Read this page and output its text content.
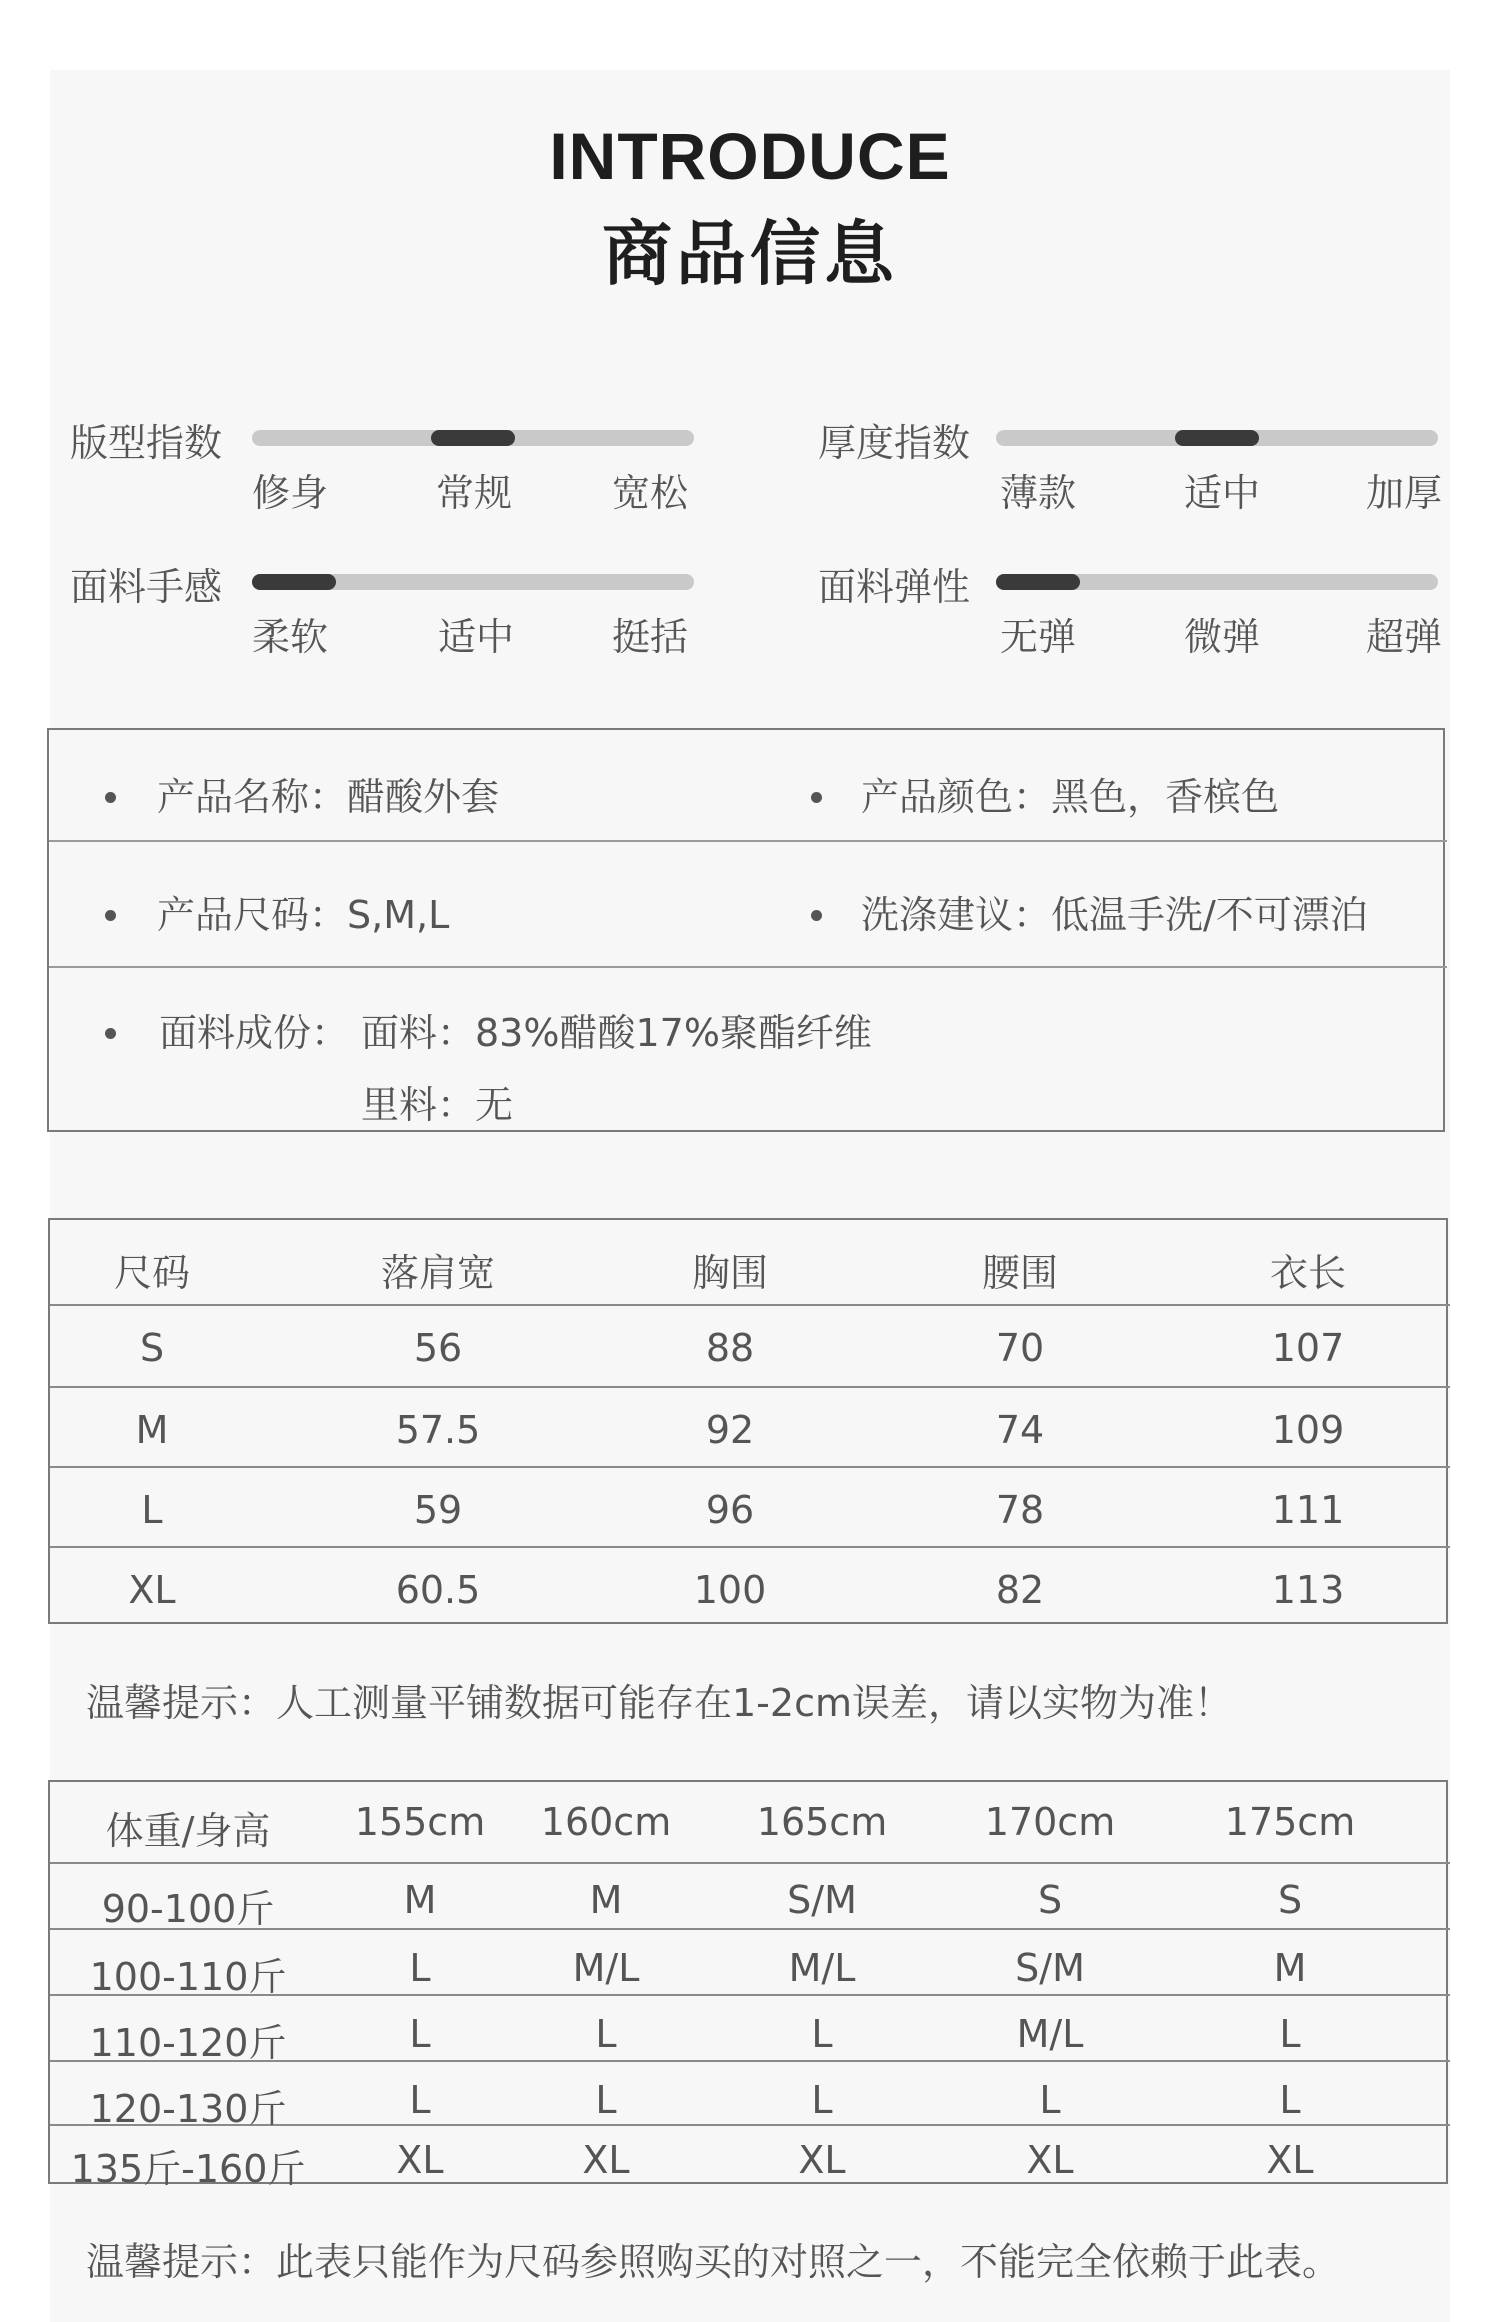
INTRODUCE
商品信息
版型指数
修身	常规	宽松
厚度指数
薄款	适中	加厚
面料手感
柔软	适中	挺括
面料弹性
无弹	微弹	超弹
产品名称：醋酸外套	产品颜色：黑色，香槟色
产品尺码：S,M,L	洗涤建议：低温手洗/不可漂泊
面料成份： 面料：83%醋酸17%聚酯纤维
里料：无
尺码	落肩宽	胸围	腰围	衣长
S	56	88	70	107
M	57.5	92	74	109
L	59	96	78	111
XL	60.5	100	82	113
温馨提示：人工测量平铺数据可能存在1-2cm误差，请以实物为准！
体重/身高 155cm 160cm 165cm	170cm	175cm
90-100斤	M	M	S/M	S	S
100-110斤	L	M/L	M/L	S/M	M
110-120斤	L	L	L	M/L	L
120-130斤	L	L	L	L	L
135斤-160斤 XL	XL	XL	XL	XL
温馨提示：此表只能作为尺码参照购买的对照之一，不能完全依赖于此表。
